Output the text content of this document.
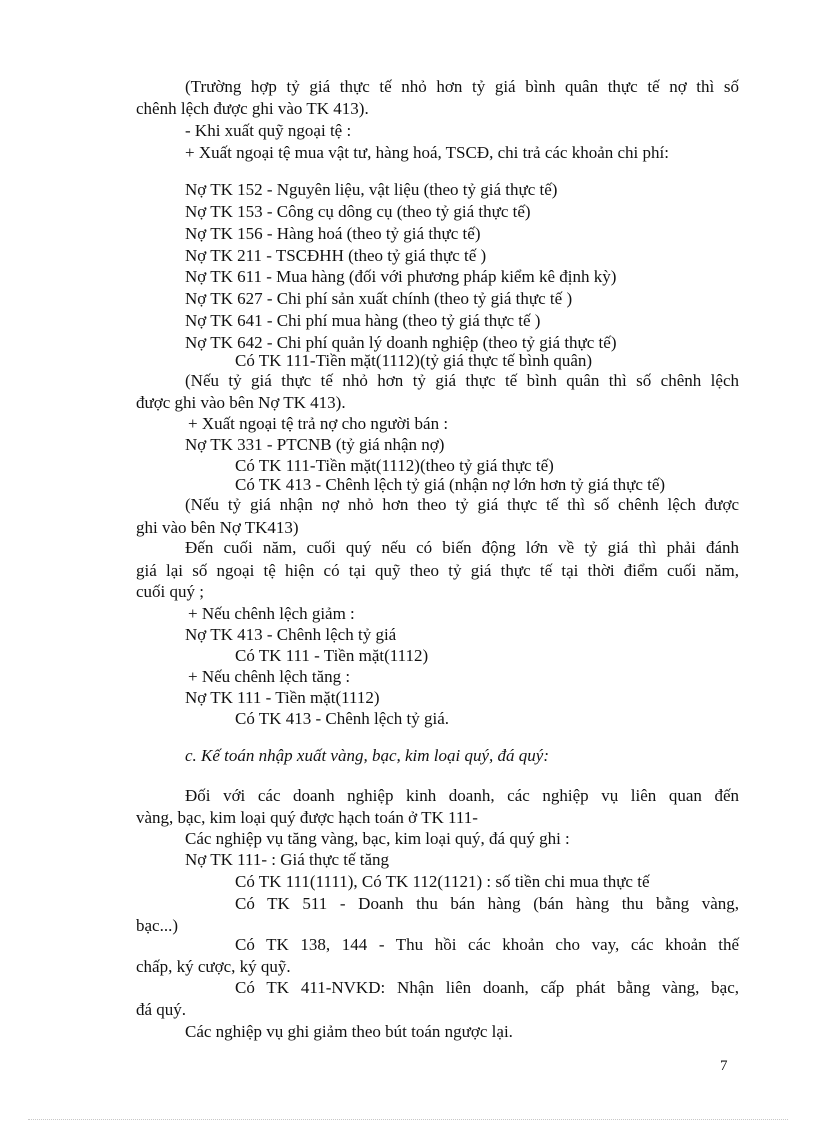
(Trường hợp tỷ giá thực tế nhỏ hơn tỷ giá bình quân thực tế nợ thì số
chênh lệch được ghi vào TK 413).
- Khi xuất quỹ ngoại tệ :
+ Xuất ngoại tệ mua vật tư, hàng hoá, TSCĐ, chi trả các khoản chi phí:
Nợ TK 152 - Nguyên liệu, vật liệu (theo tỷ giá thực tế)
Nợ TK 153 - Công cụ dông cụ (theo tỷ giá thực tế)
Nợ TK 156 - Hàng hoá (theo tỷ giá thực tế)
Nợ TK 211 - TSCĐHH (theo tỷ giá thực tế )
Nợ TK 611 - Mua hàng (đối với phương pháp kiểm kê định kỳ)
Nợ TK 627 - Chi phí sản xuất chính (theo tỷ giá thực tế )
Nợ TK 641 - Chi phí mua hàng (theo tỷ giá thực tế )
Nợ TK 642 - Chi phí quản lý doanh nghiệp (theo tỷ giá thực tế)
Có TK 111-Tiền mặt(1112)(tỷ giá thực tế bình quân)
(Nếu tỷ giá thực tế nhỏ hơn tỷ giá thực tế bình quân thì số chênh lệch
được ghi vào bên Nợ TK 413).
+ Xuất ngoại tệ trả nợ cho người bán :
Nợ TK 331 - PTCNB (tỷ giá nhận nợ)
Có TK 111-Tiền mặt(1112)(theo tỷ giá thực tế)
Có TK 413 - Chênh lệch tỷ giá (nhận nợ lớn hơn tỷ giá thực tế)
(Nếu tỷ giá nhận nợ nhỏ hơn theo tỷ giá thực tế thì số chênh lệch được
ghi vào bên Nợ TK413)
Đến cuối năm, cuối quý nếu có biến động lớn về tỷ giá thì phải đánh
giá lại số ngoại tệ hiện có tại quỹ theo tỷ giá thực tế tại thời điểm cuối năm,
cuối quý ;
+ Nếu chênh lệch giảm :
Nợ TK 413 - Chênh lệch tỷ giá
Có TK 111 - Tiền mặt(1112)
+ Nếu chênh lệch tăng :
Nợ TK 111 - Tiền mặt(1112)
Có TK 413 - Chênh lệch tỷ giá.
c. Kế toán nhập xuất vàng, bạc, kim loại quý, đá quý:
Đối với các doanh nghiệp kinh doanh, các nghiệp vụ liên quan đến
vàng, bạc, kim loại quý được hạch toán ở TK 111-
Các nghiệp vụ tăng vàng, bạc, kim loại quý, đá quý ghi :
Nợ TK 111- : Giá thực tế tăng
Có TK 111(1111), Có TK 112(1121) : số tiền chi mua thực tế
Có TK 511 - Doanh thu bán hàng (bán hàng thu bằng vàng,
bạc...)
Có TK 138, 144 - Thu hồi các khoản cho vay, các khoản thế
chấp, ký cược, ký quỹ.
Có TK 411-NVKD: Nhận liên doanh, cấp phát bằng vàng, bạc,
đá quý.
Các nghiệp vụ ghi giảm theo bút toán ngược lại.
7
